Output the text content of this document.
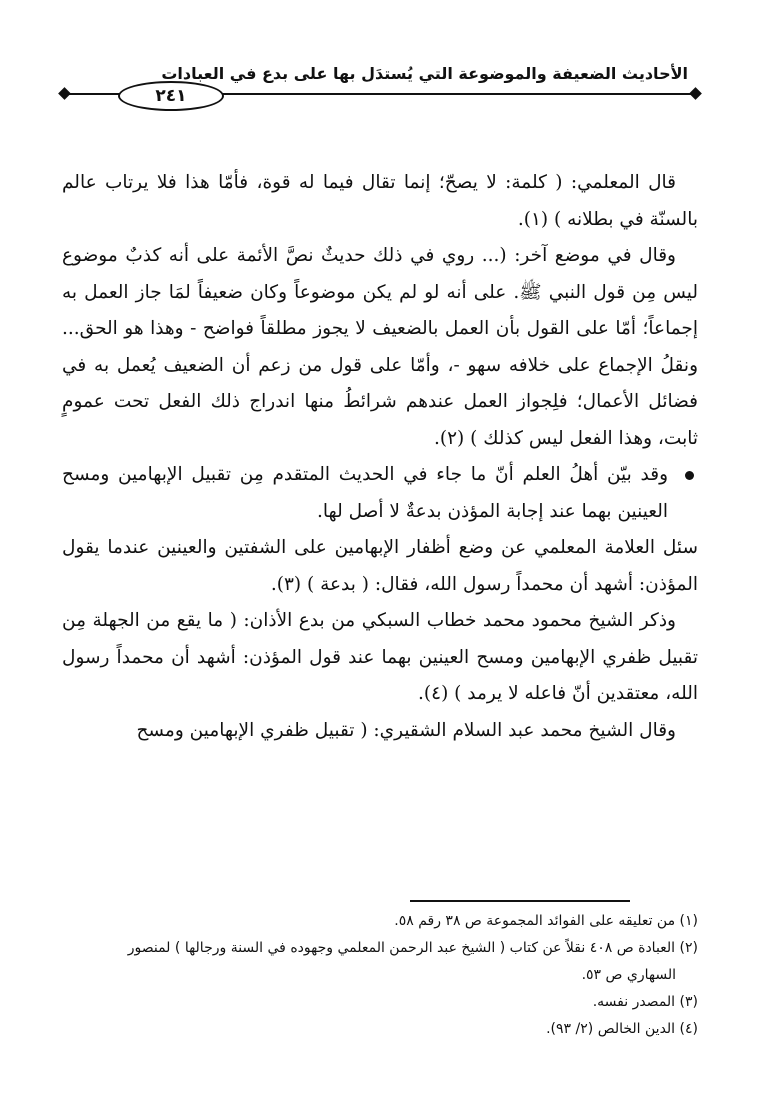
٢٤١
الأحاديث الضعيفة والموضوعة التي يُستدَل بها على بدع في العبادات

قال المعلمي: ( كلمة: لا يصحّ؛ إنما تقال فيما له قوة، فأمّا هذا فلا يرتاب عالم بالسنّة في بطلانه ) (١).

وقال في موضع آخر: (... روي في ذلك حديثٌ نصَّ الأئمة على أنه كذبٌ موضوع ليس مِن قول النبي ﷺ. على أنه لو لم يكن موضوعاً وكان ضعيفاً لمَا جاز العمل به إجماعاً؛ أمّا على القول بأن العمل بالضعيف لا يجوز مطلقاً فواضح - وهذا هو الحق... ونقلُ الإجماع على خلافه سهو -، وأمّا على قول من زعم أن الضعيف يُعمل به في فضائل الأعمال؛ فلِجواز العمل عندهم شرائطُ منها اندراج ذلك الفعل تحت عمومٍ ثابت، وهذا الفعل ليس كذلك ) (٢).

وقد بيّن أهلُ العلم أنّ ما جاء في الحديث المتقدم مِن تقبيل الإبهامين ومسح العينين بهما عند إجابة المؤذن بدعةٌ لا أصل لها.

سئل العلامة المعلمي عن وضع أظفار الإبهامين على الشفتين والعينين عندما يقول المؤذن: أشهد أن محمداً رسول الله، فقال: ( بدعة ) (٣).

وذكر الشيخ محمود محمد خطاب السبكي من بدع الأذان: ( ما يقع من الجهلة مِن تقبيل ظفري الإبهامين ومسح العينين بهما عند قول المؤذن: أشهد أن محمداً رسول الله، معتقدين أنّ فاعله لا يرمد ) (٤).

وقال الشيخ محمد عبد السلام الشقيري: ( تقبيل ظفري الإبهامين ومسح

(١) من تعليقه على الفوائد المجموعة ص ٣٨ رقم ٥٨.

(٢) العبادة ص ٤٠٨ نقلاً عن كتاب ( الشيخ عبد الرحمن المعلمي وجهوده في السنة ورجالها ) لمنصور

السهاري ص ٥٣.

(٣) المصدر نفسه.

(٤) الدين الخالص (٢/ ٩٣).
